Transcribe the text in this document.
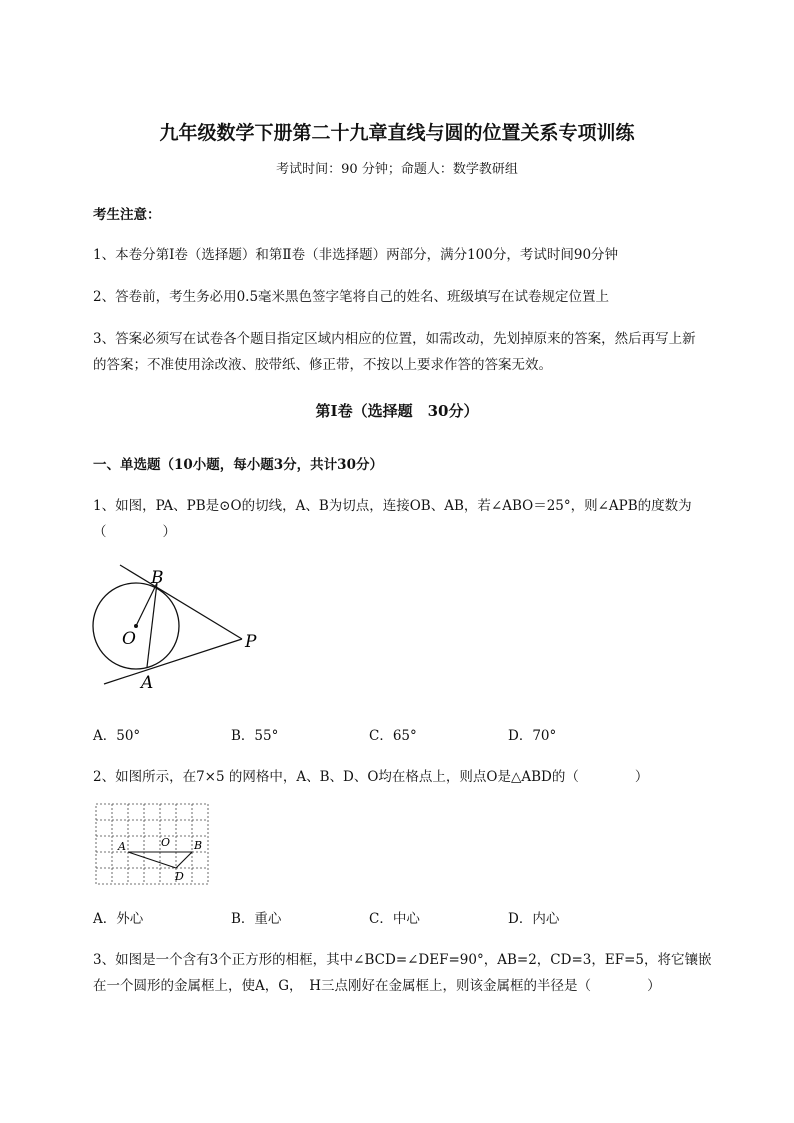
九年级数学下册第二十九章直线与圆的位置关系专项训练
考试时间：90 分钟；命题人：数学教研组
考生注意：
1、本卷分第Ⅰ卷（选择题）和第Ⅱ卷（非选择题）两部分，满分100分，考试时间90分钟
2、答卷前，考生务必用0.5毫米黑色签字笔将自己的姓名、班级填写在试卷规定位置上
3、答案必须写在试卷各个题目指定区域内相应的位置，如需改动，先划掉原来的答案，然后再写上新
的答案；不准使用涂改液、胶带纸、修正带，不按以上要求作答的答案无效。
第Ⅰ卷（选择题　30分）
一、单选题（10小题，每小题3分，共计30分）
1、如图，PA、PB是⊙O的切线，A、B为切点，连接OB、AB，若∠ABO＝25°，则∠APB的度数为
（	）
B
O	P
A
A．50°	B．55°	C．65°	D．70°
2、如图所示，在7×5 的网格中，A、B、D、O均在格点上，则点O是△ABD的（	）
A	O B
D
A．外心	B．重心	C．中心	D．内心
3、如图是一个含有3个正方形的相框，其中∠BCD=∠DEF=90°，AB=2，CD=3，EF=5，将它镶嵌
在一个圆形的金属框上，使A，G，　H三点刚好在金属框上，则该金属框的半径是（	）
